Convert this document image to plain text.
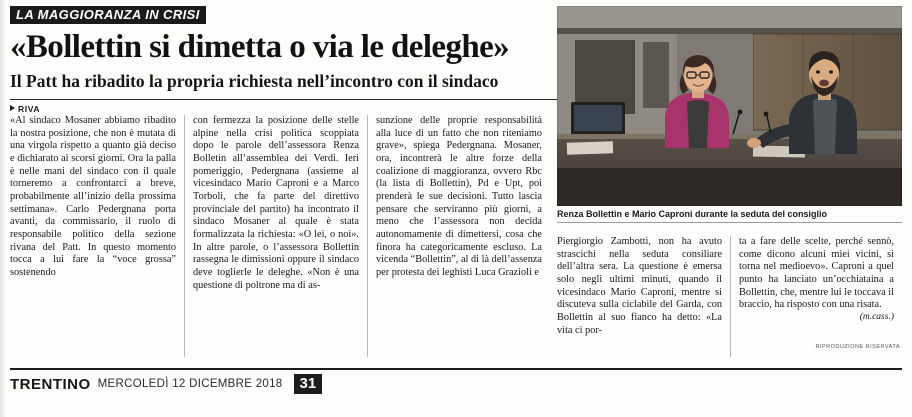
LA MAGGIORANZA IN CRISI
«Bollettin si dimetta o via le deleghe»
Il Patt ha ribadito la propria richiesta nell’incontro con il sindaco
RIVA

«Al sindaco Mosaner abbiamo ribadito la nostra posizione, che non è mutata di una virgola rispetto a quanto già deciso e dichiarato ai scorsi giorni. Ora la palla è nelle mani del sindaco con il quale torneremo a confrontarci a breve, probabilmente all’inizio della prossima settimana». Carlo Pedergnana porta avanti, da commissario, il ruolo di responsabile politico della sezione rivana del Patt. In questo momento tocca a lui fare la “voce grossa” sostenendo

con fermezza la posizione delle stelle alpine nella crisi politica scoppiata dopo le parole dell’assessora Renza Bolletin all’assemblea dei Verdi. Ieri pomeriggio, Pedergnana (assieme al vicesindaco Mario Caproni e a Marco Torboli, che fa parte del direttivo provinciale del partito) ha incontrato il sindaco Mosaner al quale è stata formalizzata la richiesta: «O lei, o noi». In altre parole, o l’assessora Bollettin rassegna le dimissioni oppure il sindaco deve toglierle le deleghe. «Non è una questione di poltrone ma di as-

sunzione delle proprie responsabilità alla luce di un fatto che non riteniamo grave», spiega Pedergnana. Mosaner, ora, incontrerà le altre forze della coalizione di maggioranza, ovvero Rbc (la lista di Bollettin), Pd e Upt, poi prenderà le sue decisioni. Tutto lascia pensare che serviranno più giorni, a meno che l’assessora non decida autonomamente di dimettersi, cosa che finora ha categoricamente escluso. La vicenda “Bollettin”, al di là dell’assenza per protesta dei leghisti Luca Grazioli e

Renza Bollettin e Mario Caproni durante la seduta del consiglio
RIPRODUZIONE RISERVATA

Piergiorgio Zambotti, non ha avuto strascichi nella seduta consiliare dell’altra sera. La questione è emersa solo negli ultimi minuti, quando il vicesindaco Mario Caproni, mentre si discuteva sulla ciclabile del Garda, con Bollettin al suo fianco ha detto: «La vita ci por-

ta a fare delle scelte, perché sennò, come dicono alcuni miei vicini, si torna nel medioevo». Caproni a quel punto ha lanciato un’occhiataina a Bollettin, che, mentre lui le toccava il braccio, ha risposto con una risata.

(m.cass.)

TRENTINO MERCOLEDÌ 12 DICEMBRE 2018	31
